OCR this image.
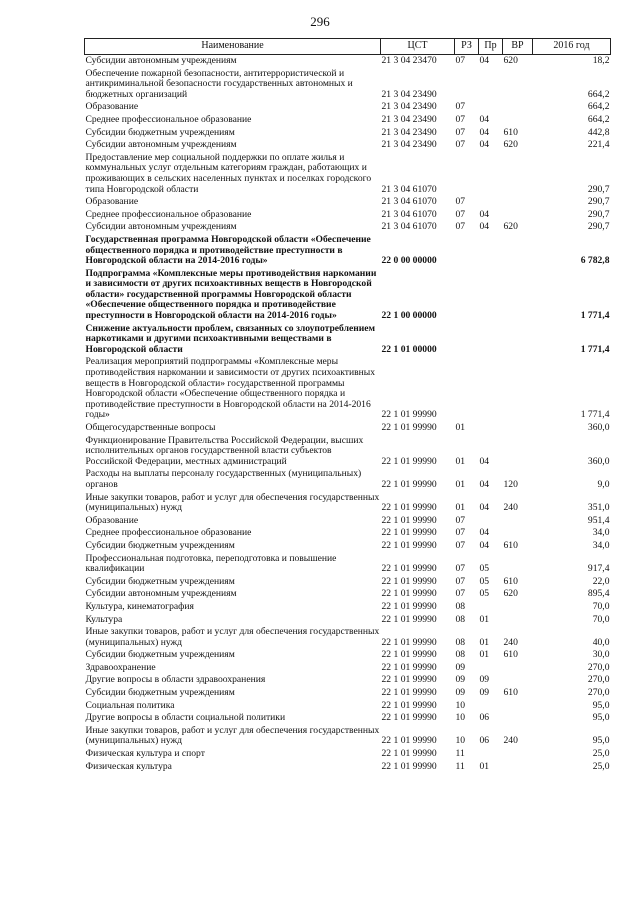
296
Наименование	ЦСТ	РЗ	Пр	ВР	2016 год
Субсидии автономным учреждениям	21 3 04 23470	07	04	620	18,2
Обеспечение пожарной безопасности, антитеррористической и антикриминальной безопасности государственных автономных и бюджетных организаций	21 3 04 23490				664,2
Образование	21 3 04 23490	07			664,2
Среднее профессиональное образование	21 3 04 23490	07	04		664,2
Субсидии бюджетным учреждениям	21 3 04 23490	07	04	610	442,8
Субсидии автономным учреждениям	21 3 04 23490	07	04	620	221,4
Предоставление мер социальной поддержки по оплате жилья и коммунальных услуг отдельным категориям граждан, работающих и проживающих в сельских населенных пунктах и поселках городского типа Новгородской области	21 3 04 61070				290,7
Образование	21 3 04 61070	07			290,7
Среднее профессиональное образование	21 3 04 61070	07	04		290,7
Субсидии автономным учреждениям	21 3 04 61070	07	04	620	290,7
Государственная программа Новгородской области «Обеспечение общественного порядка и противодействие преступности в Новгородской области на 2014-2016 годы»	22 0 00 00000				6 782,8
Подпрограмма «Комплексные меры противодействия наркомании и зависимости от других психоактивных веществ в Новгородской области» государственной программы Новгородской области «Обеспечение общественного порядка и противодействие преступности в Новгородской области на 2014-2016 годы»	22 1 00 00000				1 771,4
Снижение актуальности проблем, связанных со злоупотреблением наркотиками и другими психоактивными веществами в Новгородской области	22 1 01 00000				1 771,4
Реализация мероприятий подпрограммы «Комплексные меры противодействия наркомании и зависимости от других психоактивных веществ в Новгородской области» государственной программы Новгородской области «Обеспечение общественного порядка и противодействие преступности в Новгородской области на 2014-2016 годы»	22 1 01 99990				1 771,4
Общегосударственные вопросы	22 1 01 99990	01			360,0
Функционирование Правительства Российской Федерации, высших исполнительных органов государственной власти субъектов Российской Федерации, местных администраций	22 1 01 99990	01	04		360,0
Расходы на выплаты персоналу государственных (муниципальных) органов	22 1 01 99990	01	04	120	9,0
Иные закупки товаров, работ и услуг для обеспечения государственных (муниципальных) нужд	22 1 01 99990	01	04	240	351,0
Образование	22 1 01 99990	07			951,4
Среднее профессиональное образование	22 1 01 99990	07	04		34,0
Субсидии бюджетным учреждениям	22 1 01 99990	07	04	610	34,0
Профессиональная подготовка, переподготовка и повышение квалификации	22 1 01 99990	07	05		917,4
Субсидии бюджетным учреждениям	22 1 01 99990	07	05	610	22,0
Субсидии автономным учреждениям	22 1 01 99990	07	05	620	895,4
Культура, кинематография	22 1 01 99990	08			70,0
Культура	22 1 01 99990	08	01		70,0
Иные закупки товаров, работ и услуг для обеспечения государственных (муниципальных) нужд	22 1 01 99990	08	01	240	40,0
Субсидии бюджетным учреждениям	22 1 01 99990	08	01	610	30,0
Здравоохранение	22 1 01 99990	09			270,0
Другие вопросы в области здравоохранения	22 1 01 99990	09	09		270,0
Субсидии бюджетным учреждениям	22 1 01 99990	09	09	610	270,0
Социальная политика	22 1 01 99990	10			95,0
Другие вопросы в области социальной политики	22 1 01 99990	10	06		95,0
Иные закупки товаров, работ и услуг для обеспечения государственных (муниципальных) нужд	22 1 01 99990	10	06	240	95,0
Физическая культура и спорт	22 1 01 99990	11			25,0
Физическая культура	22 1 01 99990	11	01		25,0
